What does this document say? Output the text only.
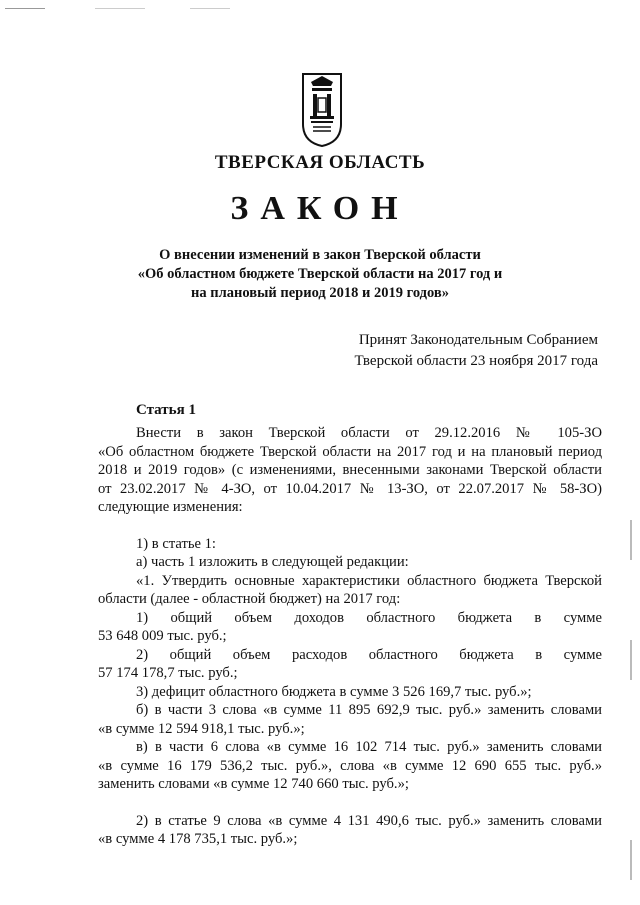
ТВЕРСКАЯ ОБЛАСТЬ
ЗАКОН
О внесении изменений в закон Тверской области
«Об областном бюджете Тверской области на 2017 год и
на плановый период 2018 и 2019 годов»
Принят Законодательным Собранием
Тверской области 23 ноября 2017 года
Статья 1

Внести в закон Тверской области от 29.12.2016 № 105-ЗО

«Об областном бюджете Тверской области на 2017 год и на плановый период

2018 и 2019 годов» (с изменениями, внесенными законами Тверской области

от 23.02.2017 № 4-ЗО, от 10.04.2017 № 13-ЗО, от 22.07.2017 № 58-ЗО)

следующие изменения:

1) в статье 1:

а) часть 1 изложить в следующей редакции:

«1. Утвердить основные характеристики областного бюджета Тверской

области (далее - областной бюджет) на 2017 год:

1) общий объем доходов областного бюджета в сумме

53 648 009 тыс. руб.;

2) общий объем расходов областного бюджета в сумме

57 174 178,7 тыс. руб.;

3) дефицит областного бюджета в сумме 3 526 169,7 тыс. руб.»;

б) в части 3 слова «в сумме 11 895 692,9 тыс. руб.» заменить словами

«в сумме 12 594 918,1 тыс. руб.»;

в) в части 6 слова «в сумме 16 102 714 тыс. руб.» заменить словами

«в сумме 16 179 536,2 тыс. руб.», слова «в сумме 12 690 655 тыс. руб.»

заменить словами «в сумме 12 740 660 тыс. руб.»;

2) в статье 9 слова «в сумме 4 131 490,6 тыс. руб.» заменить словами

«в сумме 4 178 735,1 тыс. руб.»;
